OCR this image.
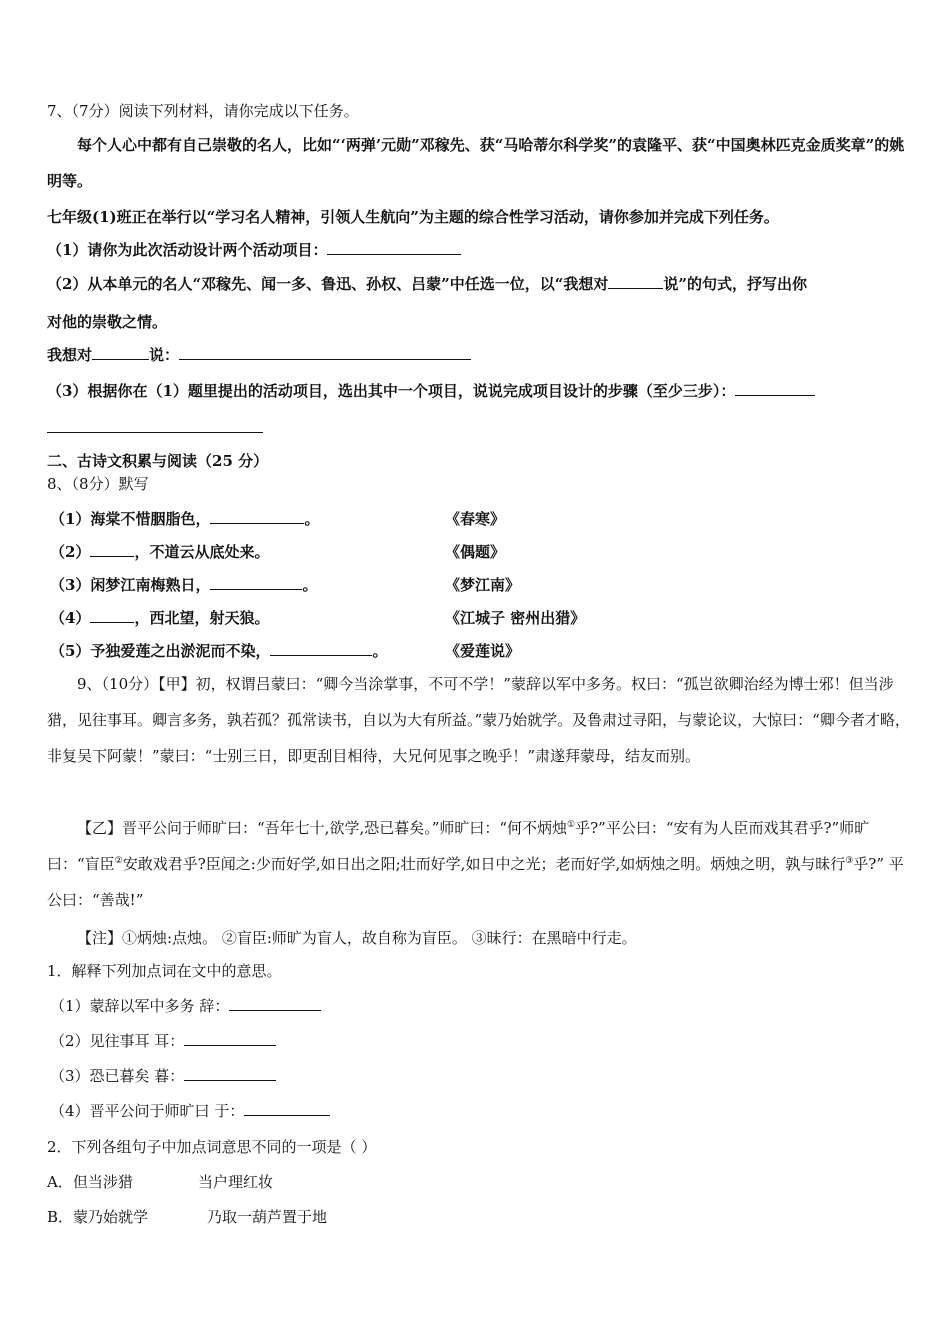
7、（7分）阅读下列材料，请你完成以下任务。
每个人心中都有自己崇敬的名人，比如“‘两弹’元勋”邓稼先、获“马哈蒂尔科学奖”的袁隆平、获“中国奥林匹克金质奖章”的姚明等。
七年级(1)班正在举行以“学习名人精神，引领人生航向”为主题的综合性学习活动，请你参加并完成下列任务。
（1）请你为此次活动设计两个活动项目：
（2）从本单元的名人“邓稼先、闻一多、鲁迅、孙权、吕蒙”中任选一位，以“我想对	说”的句式，抒写出你
对他的崇敬之情。
我想对	说：
（3）根据你在（1）题里提出的活动项目，选出其中一个项目，说说完成项目设计的步骤（至少三步）：
二、古诗文积累与阅读（25 分）
8、（8分）默写
（1）海棠不惜胭脂色，	。	《春寒》
（2）	，不道云从底处来。	《偶题》
（3）闲梦江南梅熟日，	。	《梦江南》
（4）	，西北望，射天狼。	《江城子 密州出猎》
（5）予独爱莲之出淤泥而不染，	。	《爱莲说》
9、（10分）【甲】初，权谓吕蒙曰：“卿今当涂掌事，不可不学！”蒙辞以军中多务。权曰：“孤岂欲卿治经为博士邪！但当涉猎，见往事耳。卿言多务，孰若孤？孤常读书，自以为大有所益。”蒙乃始就学。及鲁肃过寻阳，与蒙论议，大惊曰：“卿今者才略，非复吴下阿蒙！”蒙曰：“士别三日，即更刮目相待，大兄何见事之晚乎！”肃遂拜蒙母，结友而别。
【乙】晋平公问于师旷曰：“吾年七十,欲学,恐已暮矣。”师旷曰：“何不炳烛①乎?”平公曰：“安有为人臣而戏其君乎?”师旷曰：“盲臣②安敢戏君乎?臣闻之:少而好学,如日出之阳;壮而好学,如日中之光；老而好学,如炳烛之明。炳烛之明，孰与昧行③乎?” 平公曰：“善哉!”
【注】①炳烛:点烛。 ②盲臣:师旷为盲人，故自称为盲臣。 ③昧行：在黑暗中行走。
1．解释下列加点词在文中的意思。
（1）蒙辞以军中多务 辞：
（2）见往事耳 耳：
（3）恐已暮矣 暮：
（4）晋平公问于师旷曰 于：
2．下列各组句子中加点词意思不同的一项是（ ）
A．但当涉猎	当户理红妆
B．蒙乃始就学	乃取一葫芦置于地
